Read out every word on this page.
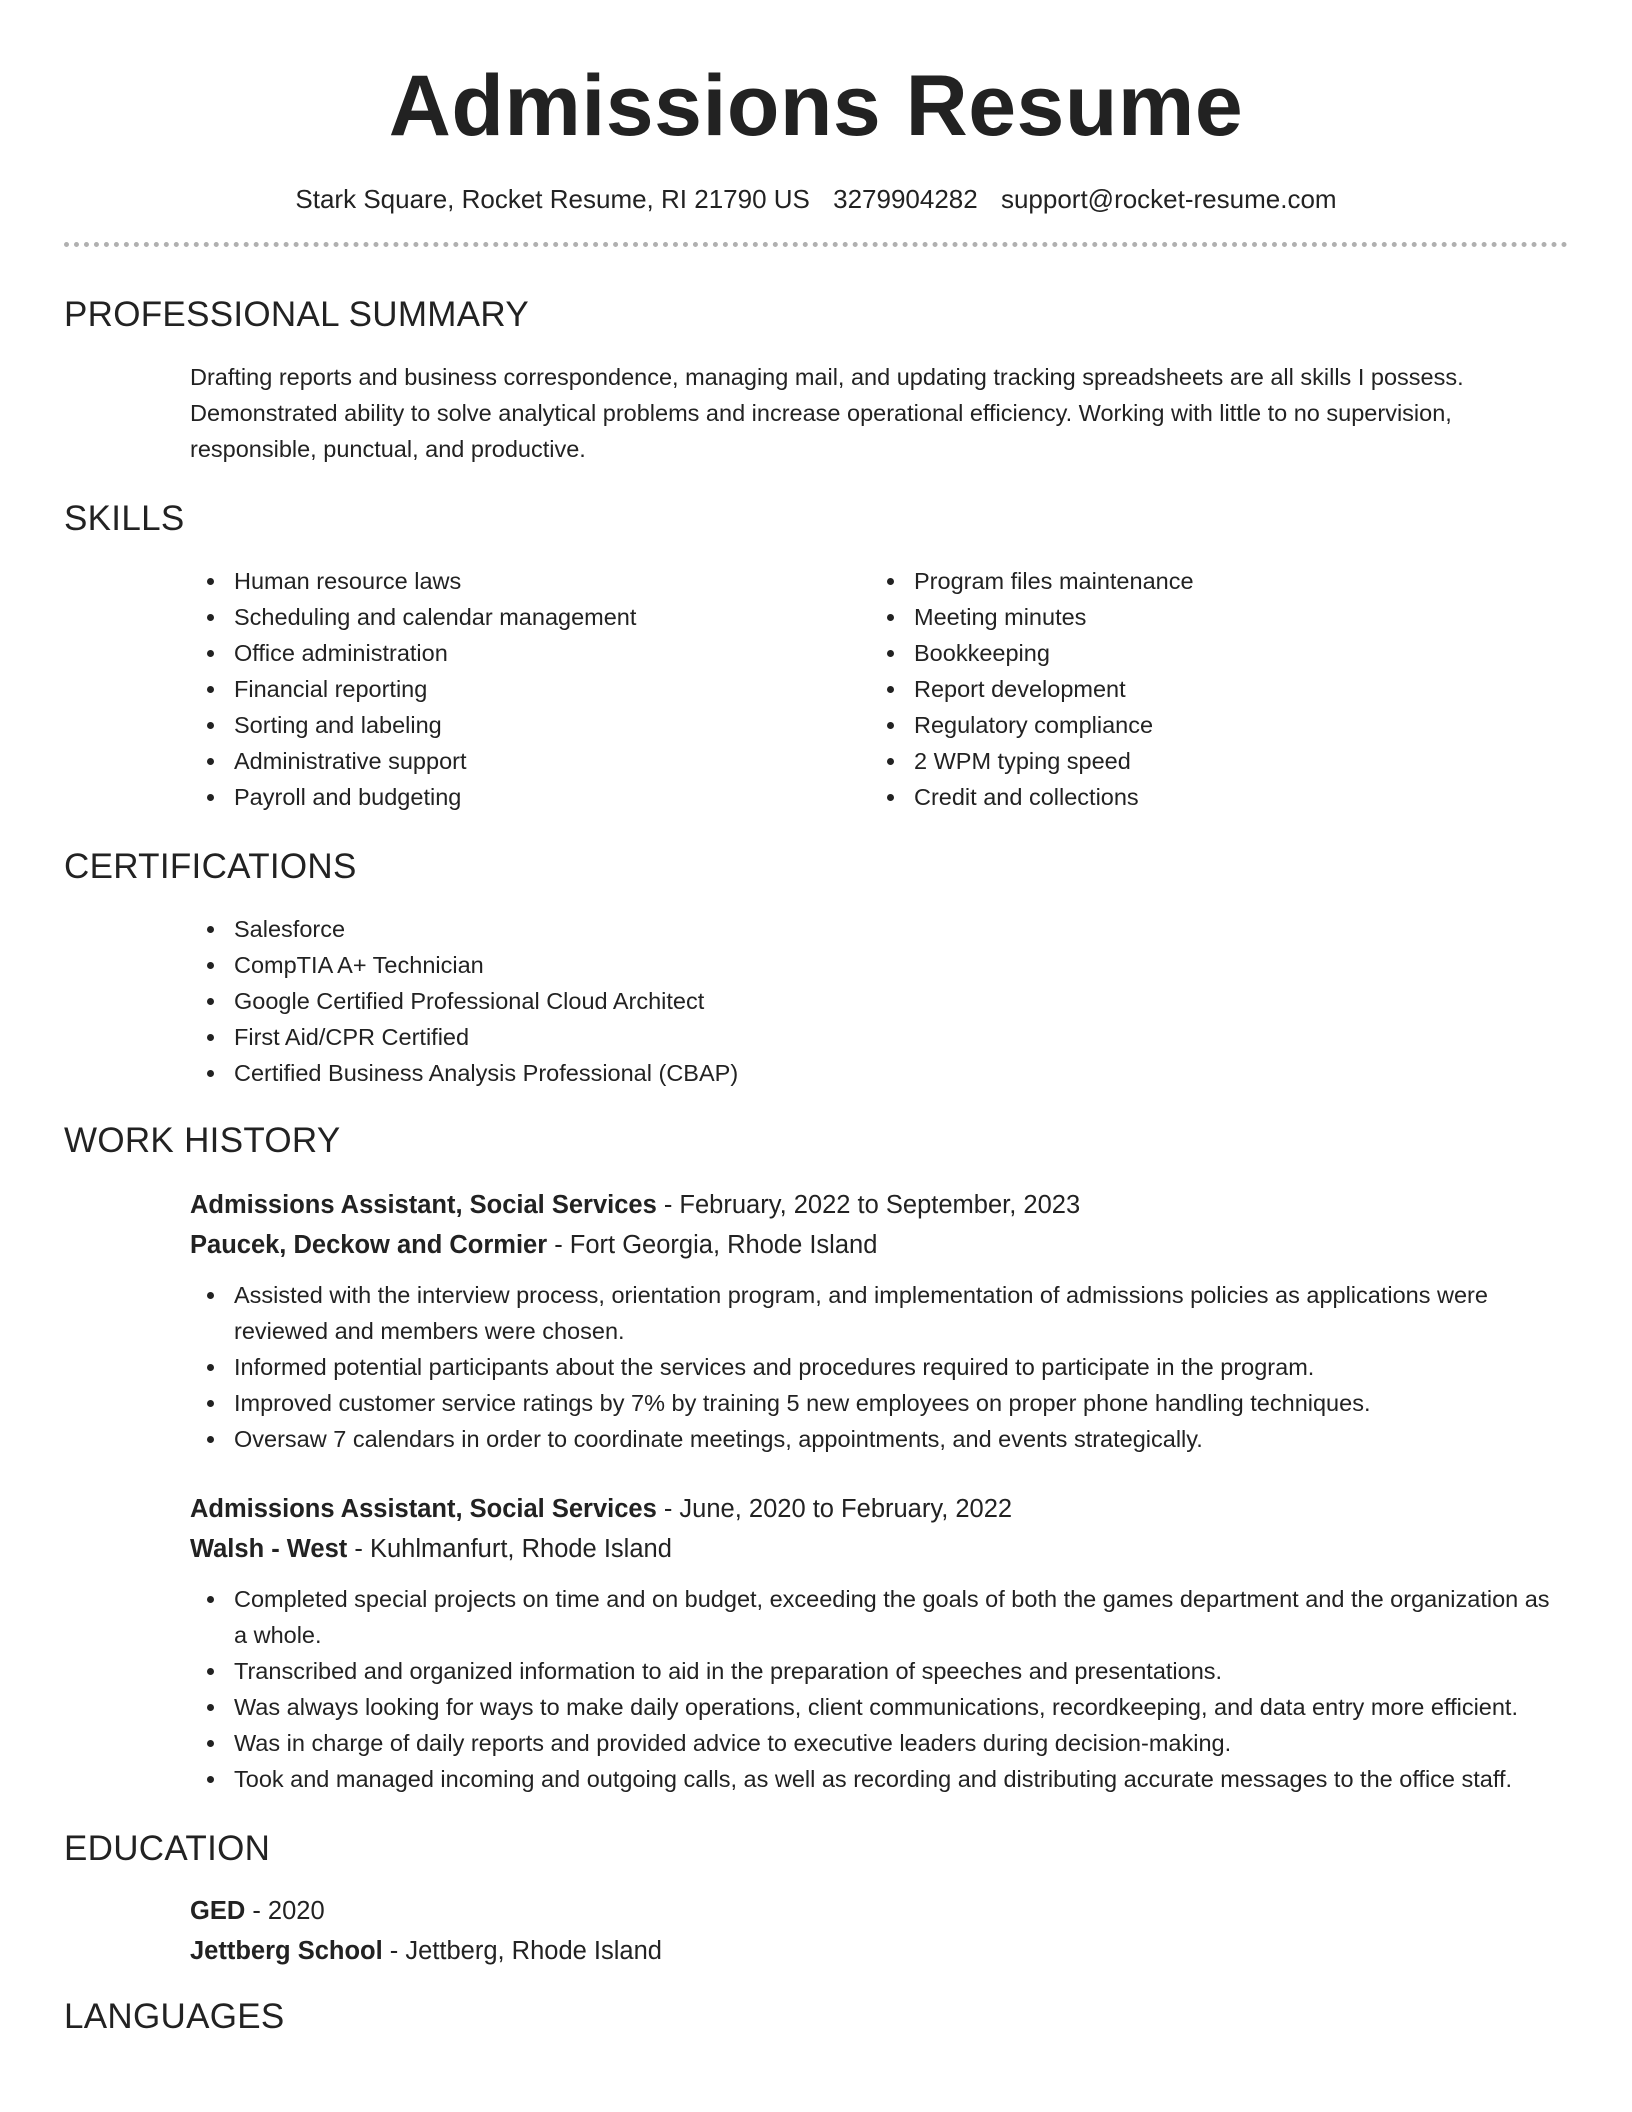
Admissions Resume
Stark Square, Rocket Resume, RI 21790 US 3279904282 support@rocket-resume.com
PROFESSIONAL SUMMARY
Drafting reports and business correspondence, managing mail, and updating tracking spreadsheets are all skills I possess. Demonstrated ability to solve analytical problems and increase operational efficiency. Working with little to no supervision, responsible, punctual, and productive.
SKILLS
Human resource laws
Scheduling and calendar management
Office administration
Financial reporting
Sorting and labeling
Administrative support
Payroll and budgeting
Program files maintenance
Meeting minutes
Bookkeeping
Report development
Regulatory compliance
2 WPM typing speed
Credit and collections
CERTIFICATIONS
Salesforce
CompTIA A+ Technician
Google Certified Professional Cloud Architect
First Aid/CPR Certified
Certified Business Analysis Professional (CBAP)
WORK HISTORY
Admissions Assistant, Social Services - February, 2022 to September, 2023
Paucek, Deckow and Cormier - Fort Georgia, Rhode Island
Assisted with the interview process, orientation program, and implementation of admissions policies as applications were reviewed and members were chosen.
Informed potential participants about the services and procedures required to participate in the program.
Improved customer service ratings by 7% by training 5 new employees on proper phone handling techniques.
Oversaw 7 calendars in order to coordinate meetings, appointments, and events strategically.
Admissions Assistant, Social Services - June, 2020 to February, 2022
Walsh - West - Kuhlmanfurt, Rhode Island
Completed special projects on time and on budget, exceeding the goals of both the games department and the organization as a whole.
Transcribed and organized information to aid in the preparation of speeches and presentations.
Was always looking for ways to make daily operations, client communications, recordkeeping, and data entry more efficient.
Was in charge of daily reports and provided advice to executive leaders during decision-making.
Took and managed incoming and outgoing calls, as well as recording and distributing accurate messages to the office staff.
EDUCATION
GED - 2020
Jettberg School - Jettberg, Rhode Island
LANGUAGES
